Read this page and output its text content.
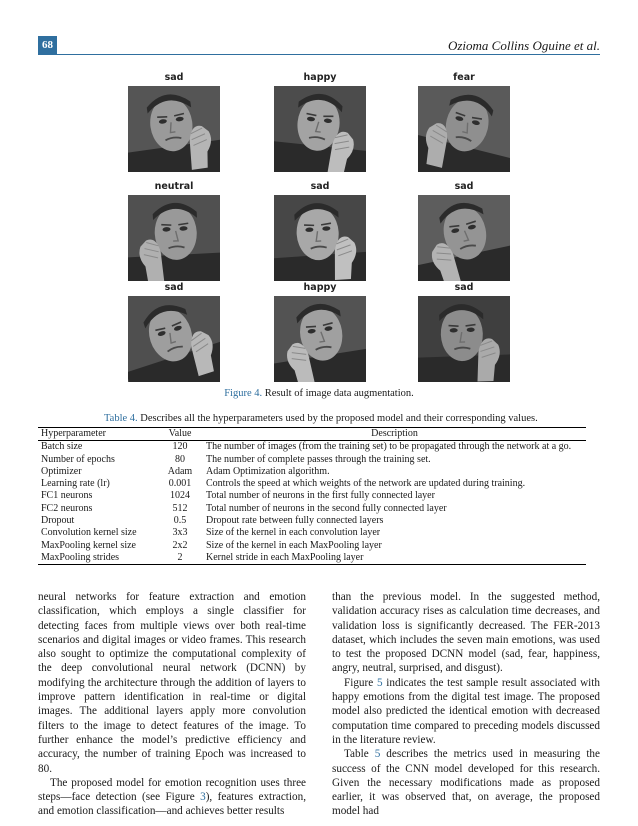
68	Ozioma Collins Oguine et al.
sad	happy	fear
neutral	sad	sad
sad	happy	sad
Figure 4. Result of image data augmentation.
Table 4. Describes all the hyperparameters used by the proposed model and their corresponding values.
Hyperparameter	Value	Description
Batch size	120	The number of images (from the training set) to be propagated through the network at a go.
Number of epochs	80	The number of complete passes through the training set.
Optimizer	Adam	Adam Optimization algorithm.
Learning rate (lr)	0.001	Controls the speed at which weights of the network are updated during training.
FC1 neurons	1024	Total number of neurons in the first fully connected layer
FC2 neurons	512	Total number of neurons in the second fully connected layer
Dropout	0.5	Dropout rate between fully connected layers
Convolution kernel size	3x3	Size of the kernel in each convolution layer
MaxPooling kernel size	2x2	Size of the kernel in each MaxPooling layer
MaxPooling strides	2	Kernel stride in each MaxPooling layer

neural networks for feature extraction and emotion classification, which employs a single classifier for detecting faces from multiple views over both real-time scenarios and digital images or video frames. This research also sought to optimize the computational complexity of the deep convolutional neural network (DCNN) by modifying the architecture through the addition of layers to improve pattern identification in real-time or digital images. The additional layers apply more convolution filters to the image to detect features of the image. To further enhance the model’s predictive efficiency and accuracy, the number of training Epoch was increased to 80.

The proposed model for emotion recognition uses three steps—face detection (see Figure 3), features extraction, and emotion classification—and achieves better results

than the previous model. In the suggested method, validation accuracy rises as calculation time decreases, and validation loss is significantly decreased. The FER-2013 dataset, which includes the seven main emotions, was used to test the proposed DCNN model (sad, fear, happiness, angry, neutral, surprised, and disgust).

Figure 5 indicates the test sample result associated with happy emotions from the digital test image. The proposed model also predicted the identical emotion with decreased computation time compared to preceding models discussed in the literature review.

Table 5 describes the metrics used in measuring the success of the CNN model developed for this research. Given the necessary modifications made as proposed earlier, it was observed that, on average, the proposed model had
